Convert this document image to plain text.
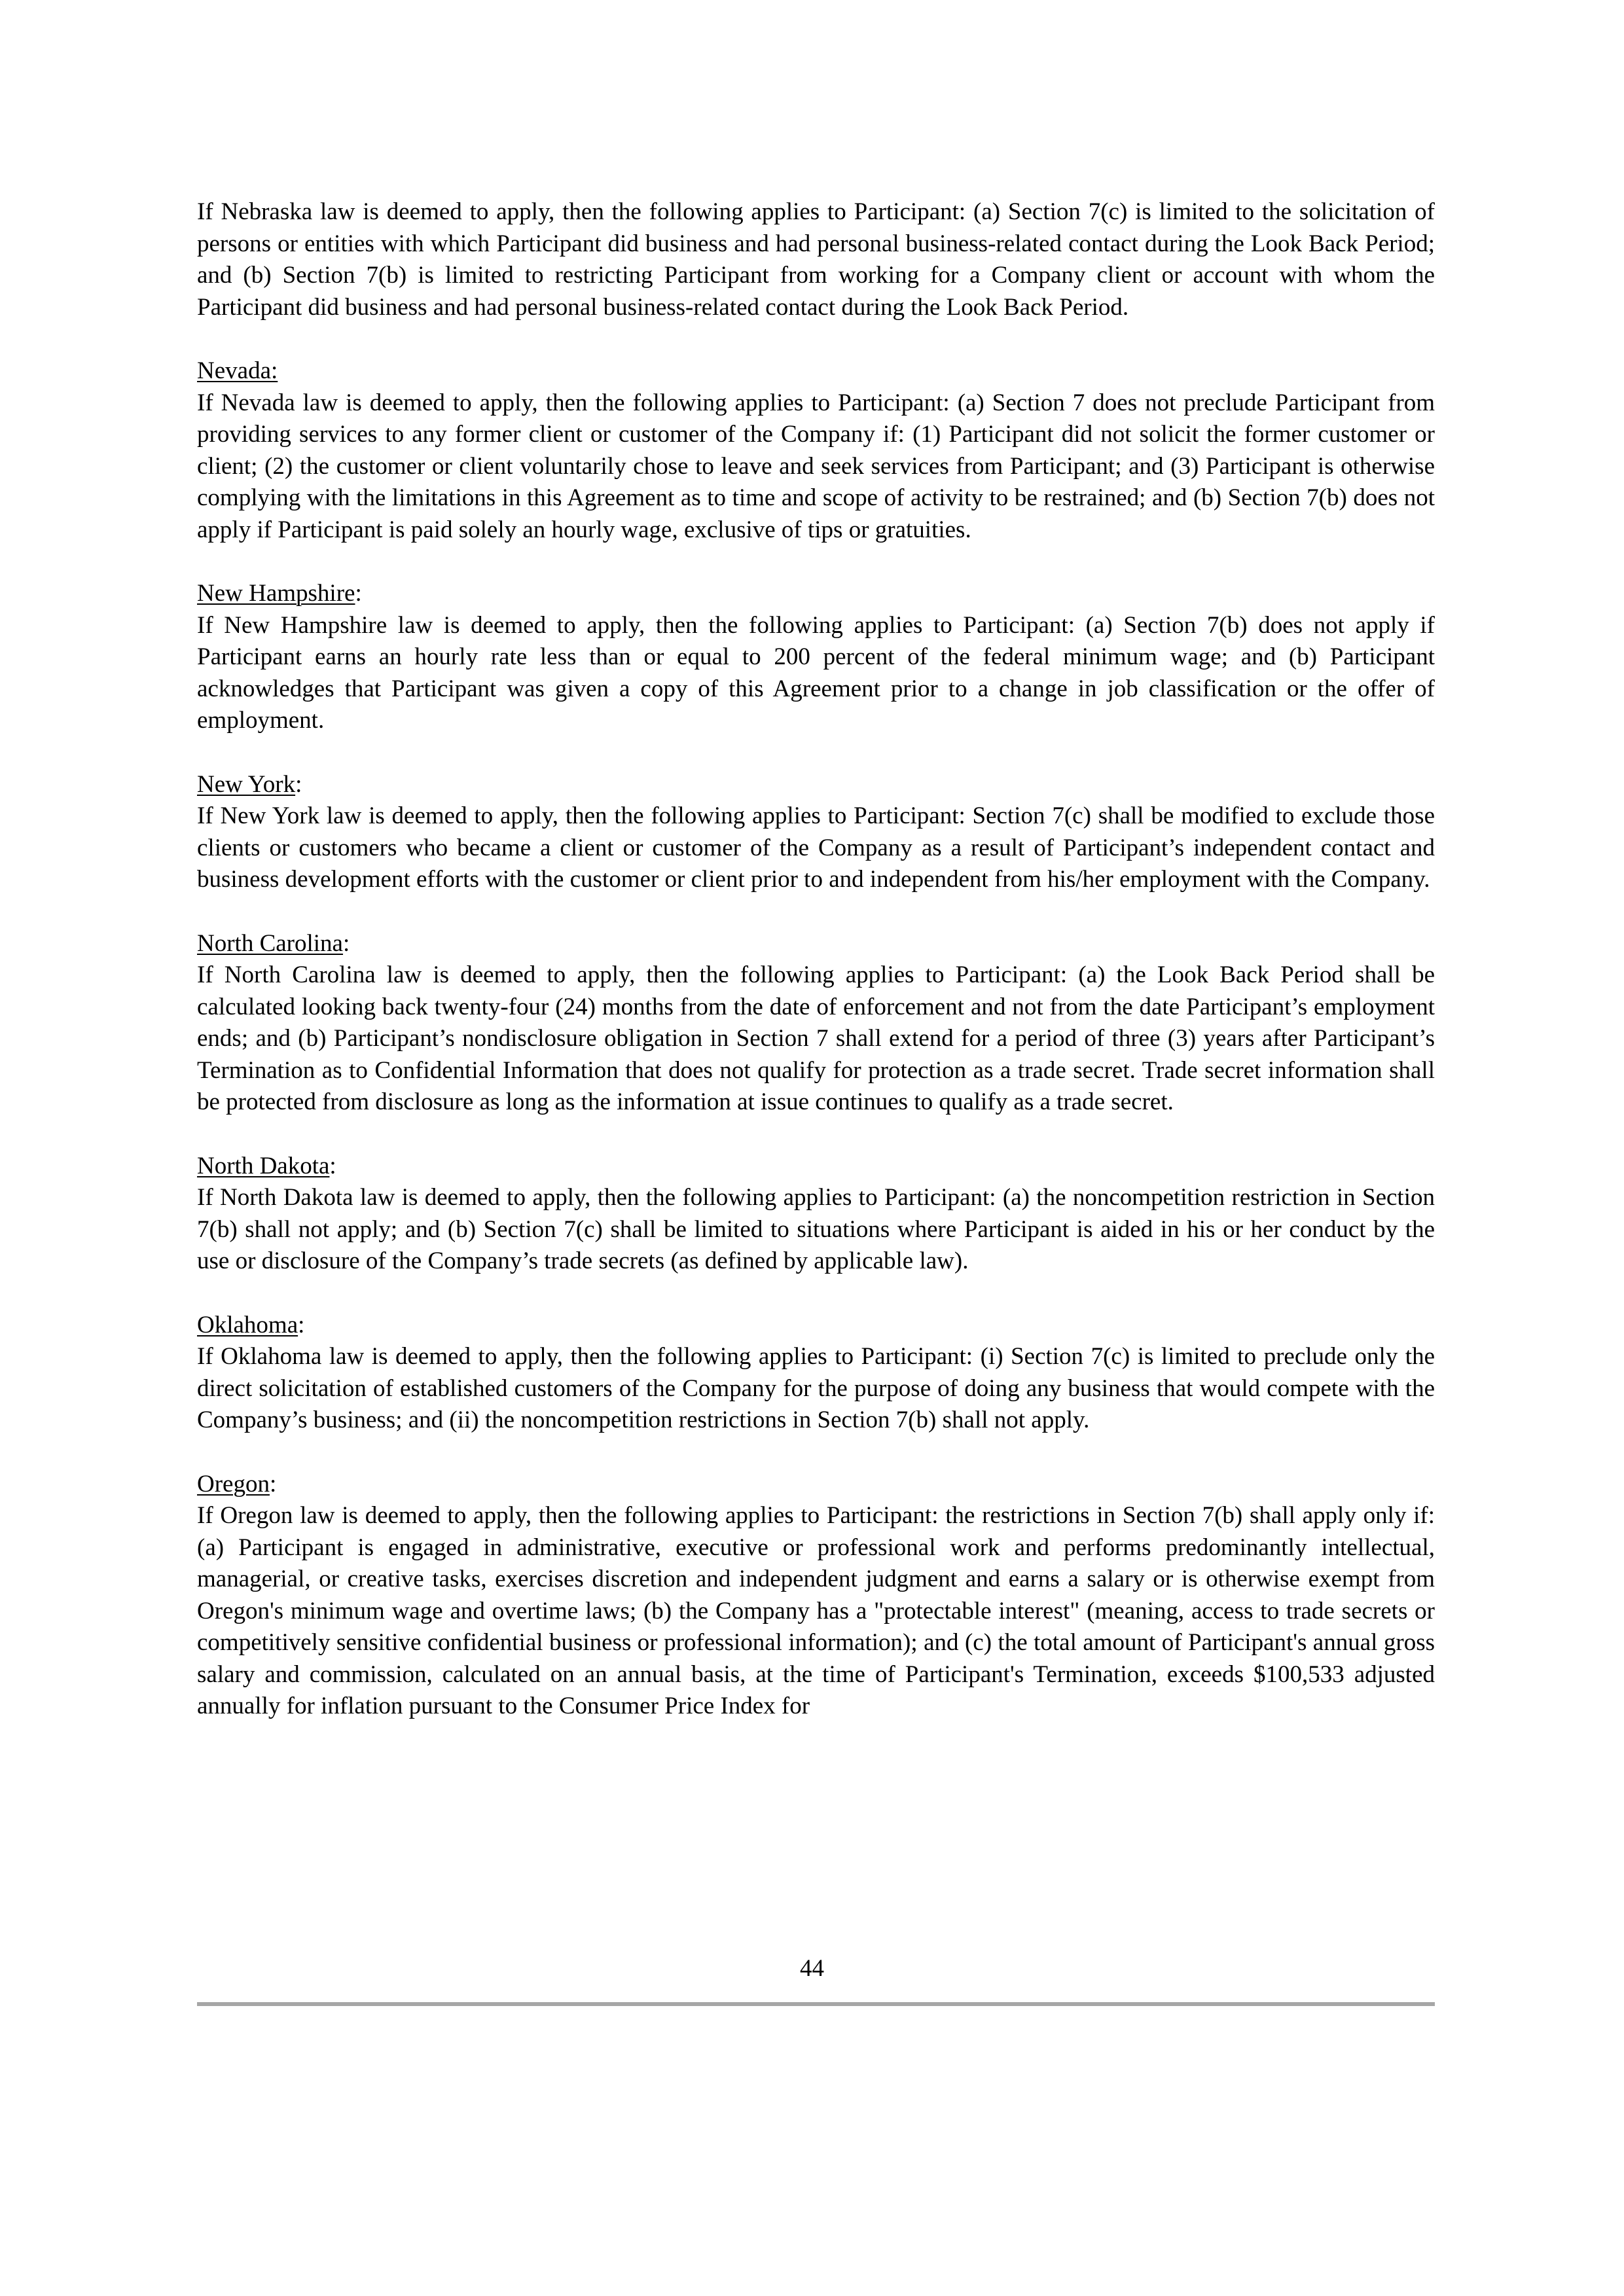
If Nebraska law is deemed to apply, then the following applies to Participant: (a) Section 7(c) is limited to the solicitation of persons or entities with which Participant did business and had personal business-related contact during the Look Back Period; and (b) Section 7(b) is limited to restricting Participant from working for a Company client or account with whom the Participant did business and had personal business-related contact during the Look Back Period.

Nevada:

If Nevada law is deemed to apply, then the following applies to Participant: (a) Section 7 does not preclude Participant from providing services to any former client or customer of the Company if: (1) Participant did not solicit the former customer or client; (2) the customer or client voluntarily chose to leave and seek services from Participant; and (3) Participant is otherwise complying with the limitations in this Agreement as to time and scope of activity to be restrained; and (b) Section 7(b) does not apply if Participant is paid solely an hourly wage, exclusive of tips or gratuities.

New Hampshire:

If New Hampshire law is deemed to apply, then the following applies to Participant: (a) Section 7(b) does not apply if Participant earns an hourly rate less than or equal to 200 percent of the federal minimum wage; and (b) Participant acknowledges that Participant was given a copy of this Agreement prior to a change in job classification or the offer of employment.

New York:

If New York law is deemed to apply, then the following applies to Participant: Section 7(c) shall be modified to exclude those clients or customers who became a client or customer of the Company as a result of Participant’s independent contact and business development efforts with the customer or client prior to and independent from his/her employment with the Company.

North Carolina:

If North Carolina law is deemed to apply, then the following applies to Participant: (a) the Look Back Period shall be calculated looking back twenty-four (24) months from the date of enforcement and not from the date Participant’s employment ends; and (b) Participant’s nondisclosure obligation in Section 7 shall extend for a period of three (3) years after Participant’s Termination as to Confidential Information that does not qualify for protection as a trade secret. Trade secret information shall be protected from disclosure as long as the information at issue continues to qualify as a trade secret.

North Dakota:

If North Dakota law is deemed to apply, then the following applies to Participant: (a) the noncompetition restriction in Section 7(b) shall not apply; and (b) Section 7(c) shall be limited to situations where Participant is aided in his or her conduct by the use or disclosure of the Company’s trade secrets (as defined by applicable law).

Oklahoma:

If Oklahoma law is deemed to apply, then the following applies to Participant: (i) Section 7(c) is limited to preclude only the direct solicitation of established customers of the Company for the purpose of doing any business that would compete with the Company’s business; and (ii) the noncompetition restrictions in Section 7(b) shall not apply.

Oregon:

If Oregon law is deemed to apply, then the following applies to Participant: the restrictions in Section 7(b) shall apply only if: (a) Participant is engaged in administrative, executive or professional work and performs predominantly intellectual, managerial, or creative tasks, exercises discretion and independent judgment and earns a salary or is otherwise exempt from Oregon's minimum wage and overtime laws; (b) the Company has a "protectable interest" (meaning, access to trade secrets or competitively sensitive confidential business or professional information); and (c) the total amount of Participant's annual gross salary and commission, calculated on an annual basis, at the time of Participant's Termination, exceeds $100,533 adjusted annually for inflation pursuant to the Consumer Price Index for

44
